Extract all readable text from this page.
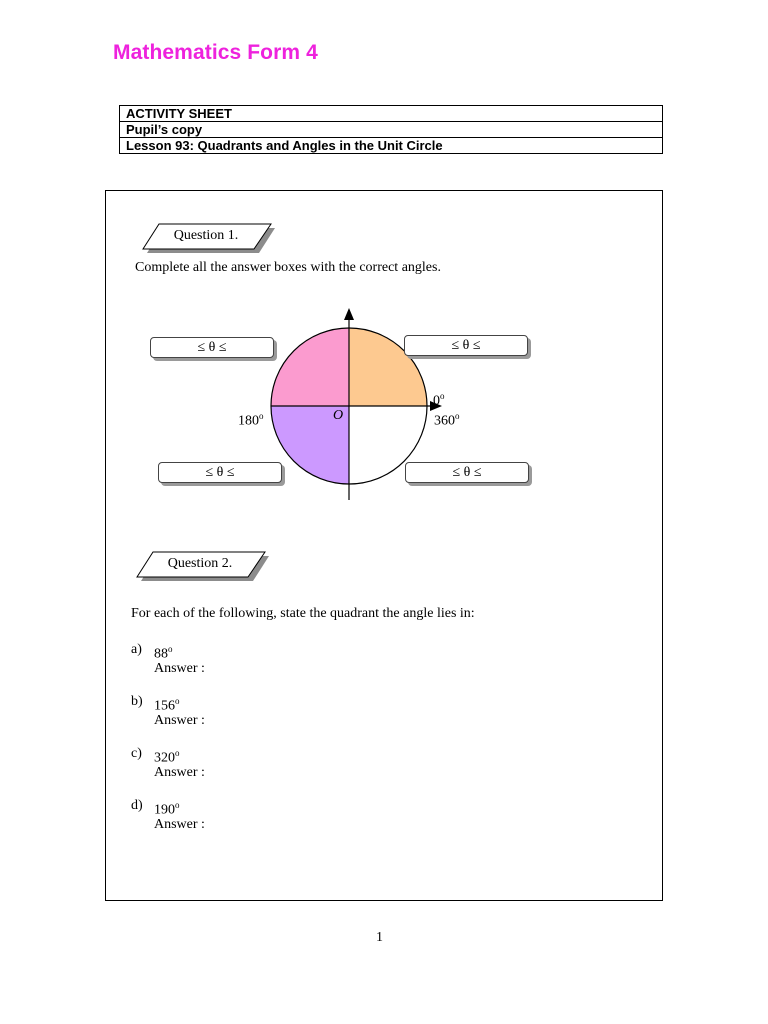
Mathematics Form 4
ACTIVITY SHEET
Pupil’s copy
Lesson 93: Quadrants and Angles in the Unit Circle
Question 1.
Complete all the answer boxes with the correct angles.
0$^o$
180$^o$	360$^o$
O
≤ θ ≤	≤ θ ≤
≤ θ ≤	≤ θ ≤
Question 2.
For each of the following, state the quadrant the angle lies in:
a) 88$^o$
Answer :
b) 156$^o$
Answer :
c) 320$^o$
Answer :
d) 190$^o$
Answer :
1
